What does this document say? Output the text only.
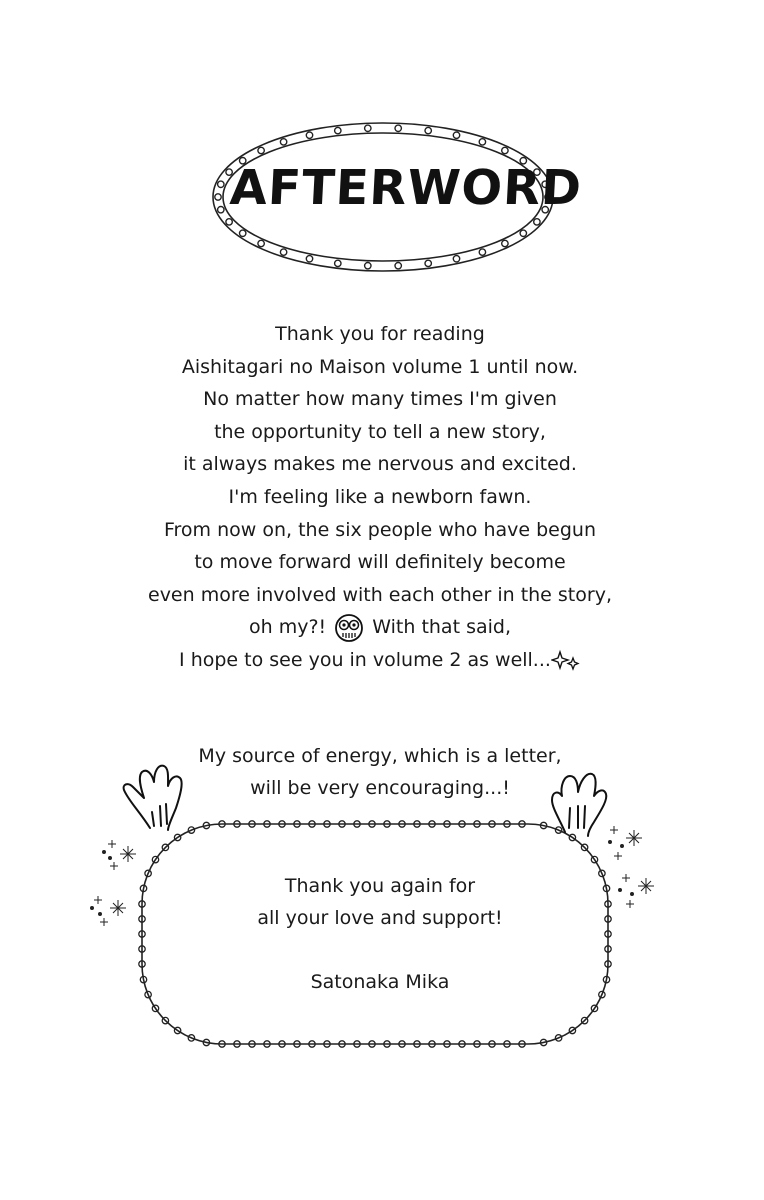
AFTERWORD
Thank you for reading
Aishitagari no Maison volume 1 until now.
No matter how many times I'm given
the opportunity to tell a new story,
it always makes me nervous and excited.
I'm feeling like a newborn fawn.
From now on, the six people who have begun
to move forward will definitely become
even more involved with each other in the story,
oh my?! With that said,
I hope to see you in volume 2 as well...
My source of energy, which is a letter,
will be very encouraging...!
Thank you again for
all your love and support!
Satonaka Mika
